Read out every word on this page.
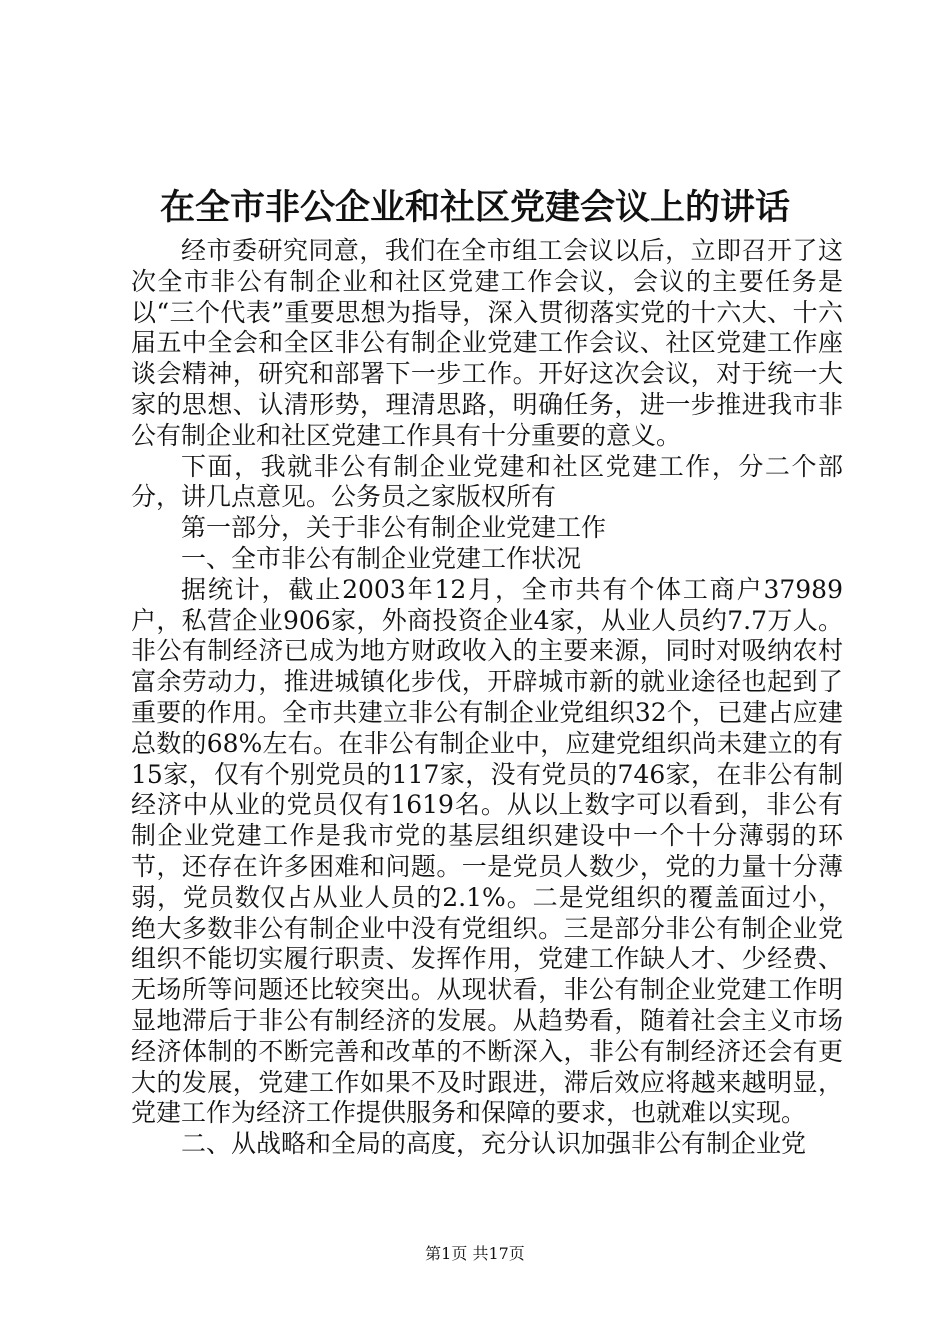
在全市非公企业和社区党建会议上的讲话

经市委研究同意，我们在全市组工会议以后，立即召开了这次全市非公有制企业和社区党建工作会议，会议的主要任务是以“三个代表”重要思想为指导，深入贯彻落实党的十六大、十六届五中全会和全区非公有制企业党建工作会议、社区党建工作座谈会精神，研究和部署下一步工作。开好这次会议，对于统一大家的思想、认清形势，理清思路，明确任务，进一步推进我市非公有制企业和社区党建工作具有十分重要的意义。

下面，我就非公有制企业党建和社区党建工作，分二个部分，讲几点意见。公务员之家版权所有

第一部分，关于非公有制企业党建工作

一、全市非公有制企业党建工作状况

据统计，截止2003年12月，全市共有个体工商户37989户，私营企业906家，外商投资企业4家，从业人员约7.7万人。非公有制经济已成为地方财政收入的主要来源，同时对吸纳农村富余劳动力，推进城镇化步伐，开辟城市新的就业途径也起到了重要的作用。全市共建立非公有制企业党组织32个，已建占应建总数的68%左右。在非公有制企业中，应建党组织尚未建立的有15家，仅有个别党员的117家，没有党员的746家，在非公有制经济中从业的党员仅有1619名。从以上数字可以看到，非公有制企业党建工作是我市党的基层组织建设中一个十分薄弱的环节，还存在许多困难和问题。一是党员人数少，党的力量十分薄弱，党员数仅占从业人员的2.1%。二是党组织的覆盖面过小，绝大多数非公有制企业中没有党组织。三是部分非公有制企业党组织不能切实履行职责、发挥作用，党建工作缺人才、少经费、无场所等问题还比较突出。从现状看，非公有制企业党建工作明显地滞后于非公有制经济的发展。从趋势看，随着社会主义市场经济体制的不断完善和改革的不断深入，非公有制经济还会有更大的发展，党建工作如果不及时跟进，滞后效应将越来越明显，党建工作为经济工作提供服务和保障的要求，也就难以实现。

二、从战略和全局的高度，充分认识加强非公有制企业党

第1页 共17页
